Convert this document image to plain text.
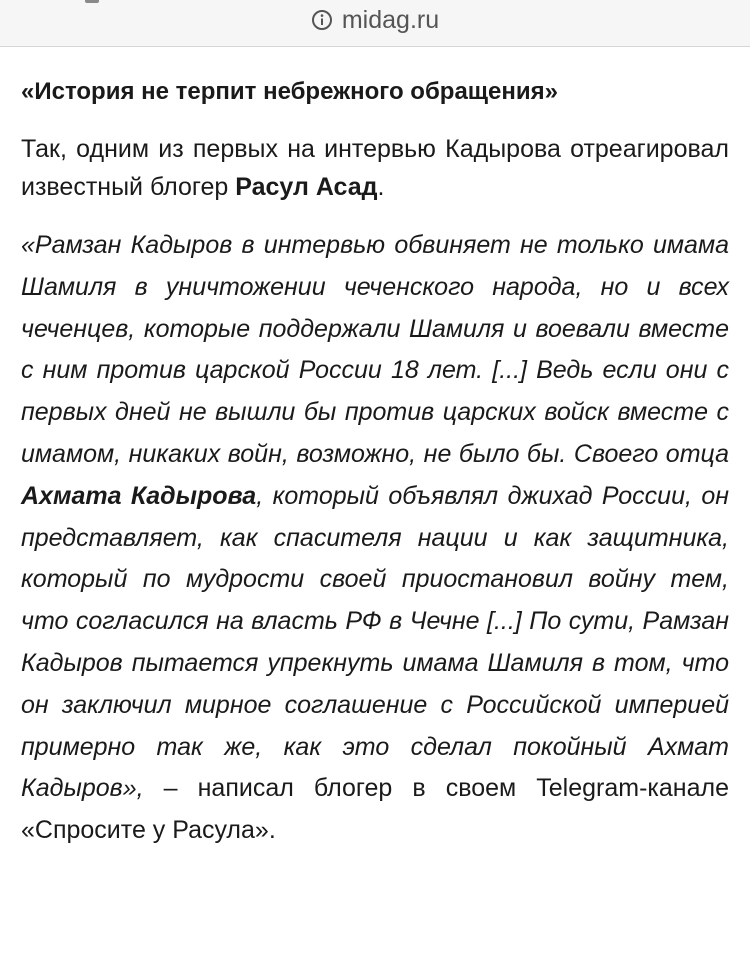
midag.ru
«История не терпит небрежного обращения»

Так, одним из первых на интервью Кадырова отреагировал известный блогер Расул Асад.

«Рамзан Кадыров в интервью обвиняет не только имама Шамиля в уничтожении чеченского народа, но и всех чеченцев, которые поддержали Шамиля и воевали вместе с ним против царской России 18 лет. [...] Ведь если они с первых дней не вышли бы против царских войск вместе с имамом, никаких войн, возможно, не было бы. Своего отца Ахмата Кадырова, который объявлял джихад России, он представляет, как спасителя нации и как защитника, который по мудрости своей приостановил войну тем, что согласился на власть РФ в Чечне [...] По сути, Рамзан Кадыров пытается упрекнуть имама Шамиля в том, что он заключил мирное соглашение с Российской империей примерно так же, как это сделал покойный Ахмат Кадыров», – написал блогер в своем Telegram-канале «Спросите у Расула».
